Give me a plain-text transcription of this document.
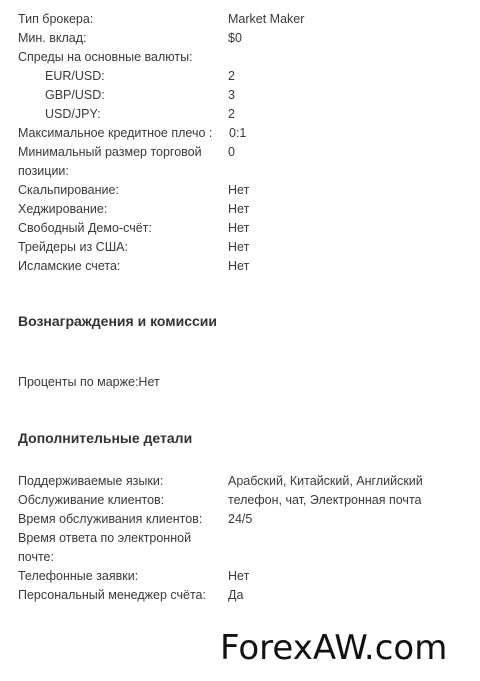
Тип брокера:	Market Maker
Мин. вклад:	$0
Спреды на основные валюты:
EUR/USD:	2
GBP/USD:	3
USD/JPY:	2
Максимальное кредитное плечо : 0:1
Минимальный размер торговой позиции:
0
Скальпирование:	Нет
Хеджирование:	Нет
Свободный Демо-счёт:	Нет
Трейдеры из США:	Нет
Исламские счета:	Нет
Вознаграждения и комиссии
Проценты по марже:Нет
Дополнительные детали
Поддерживаемые языки:	Арабский, Китайский, Английский
Обслуживание клиентов:	телефон, чат, Электронная почта
Время обслуживания клиентов: 24/5
Время ответа по электронной почте:
Телефонные заявки:	Нет
Персональный менеджер счёта: Да
ForexAW.com
